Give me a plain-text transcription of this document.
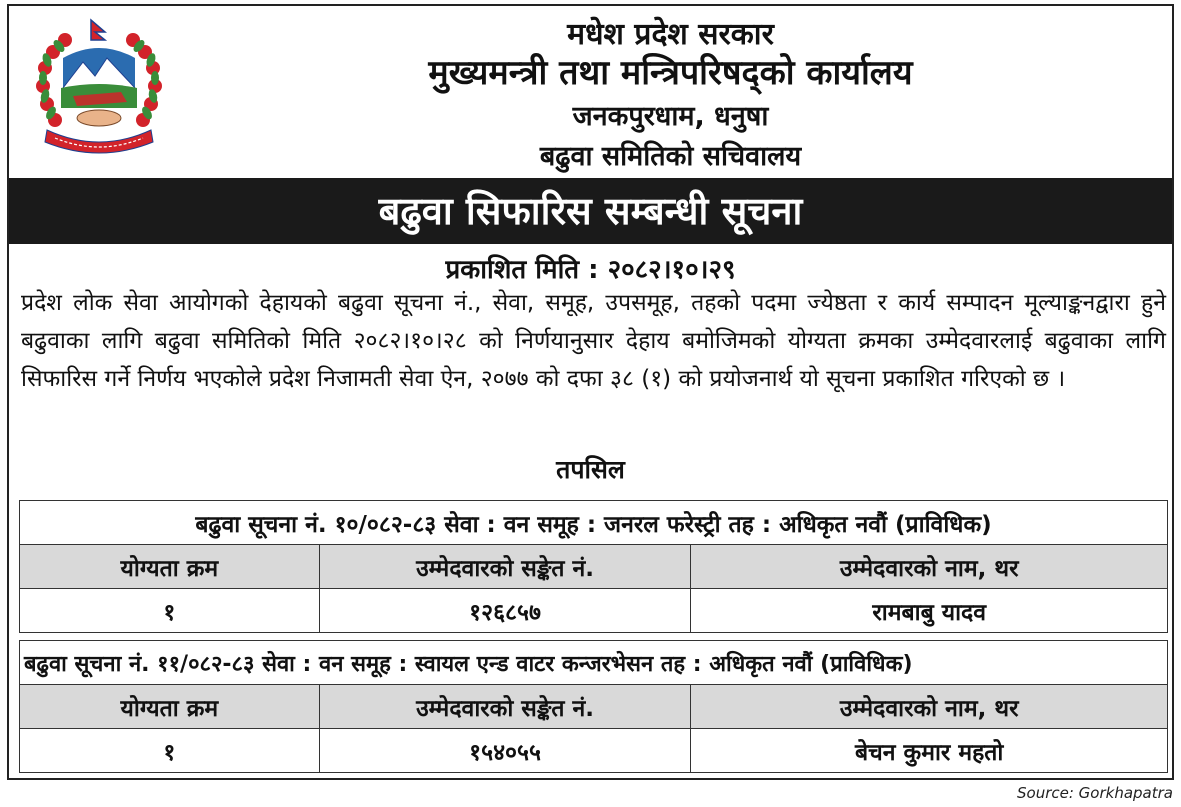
मधेश प्रदेश सरकार
मुख्यमन्त्री तथा मन्त्रिपरिषद्को कार्यालय
जनकपुरधाम, धनुषा
बढुवा समितिको सचिवालय
बढुवा सिफारिस सम्बन्धी सूचना
प्रकाशित मिति : २०८२।१०।२९

प्रदेश लोक सेवा आयोगको देहायको बढुवा सूचना नं., सेवा, समूह, उपसमूह, तहको पदमा ज्येष्ठता र कार्य सम्पादन मूल्याङ्कनद्वारा हुने बढुवाका लागि बढुवा समितिको मिति २०८२।१०।२८ को निर्णयानुसार देहाय बमोजिमको योग्यता क्रमका उम्मेदवारलाई बढुवाका लागि सिफारिस गर्ने निर्णय भएकोले प्रदेश निजामती सेवा ऐन, २०७७ को दफा ३८ (१) को प्रयोजनार्थ यो सूचना प्रकाशित गरिएको छ ।

तपसिल
बढुवा सूचना नं. १०/०८२-८३ सेवा : वन समूह : जनरल फरेस्ट्री तह : अधिकृत नवौं (प्राविधिक)		
योग्यता क्रम	उम्मेदवारको सङ्केत नं.	उम्मेदवारको नाम, थर
१	१२६८५७	रामबाबु यादव
बढुवा सूचना नं. ११/०८२-८३ सेवा : वन समूह : स्वायल एन्ड वाटर कन्जरभेसन तह : अधिकृत नवौं (प्राविधिक)		
योग्यता क्रम	उम्मेदवारको सङ्केत नं.	उम्मेदवारको नाम, थर
१	१५४०५५	बेचन कुमार महतो
Source: Gorkhapatra
